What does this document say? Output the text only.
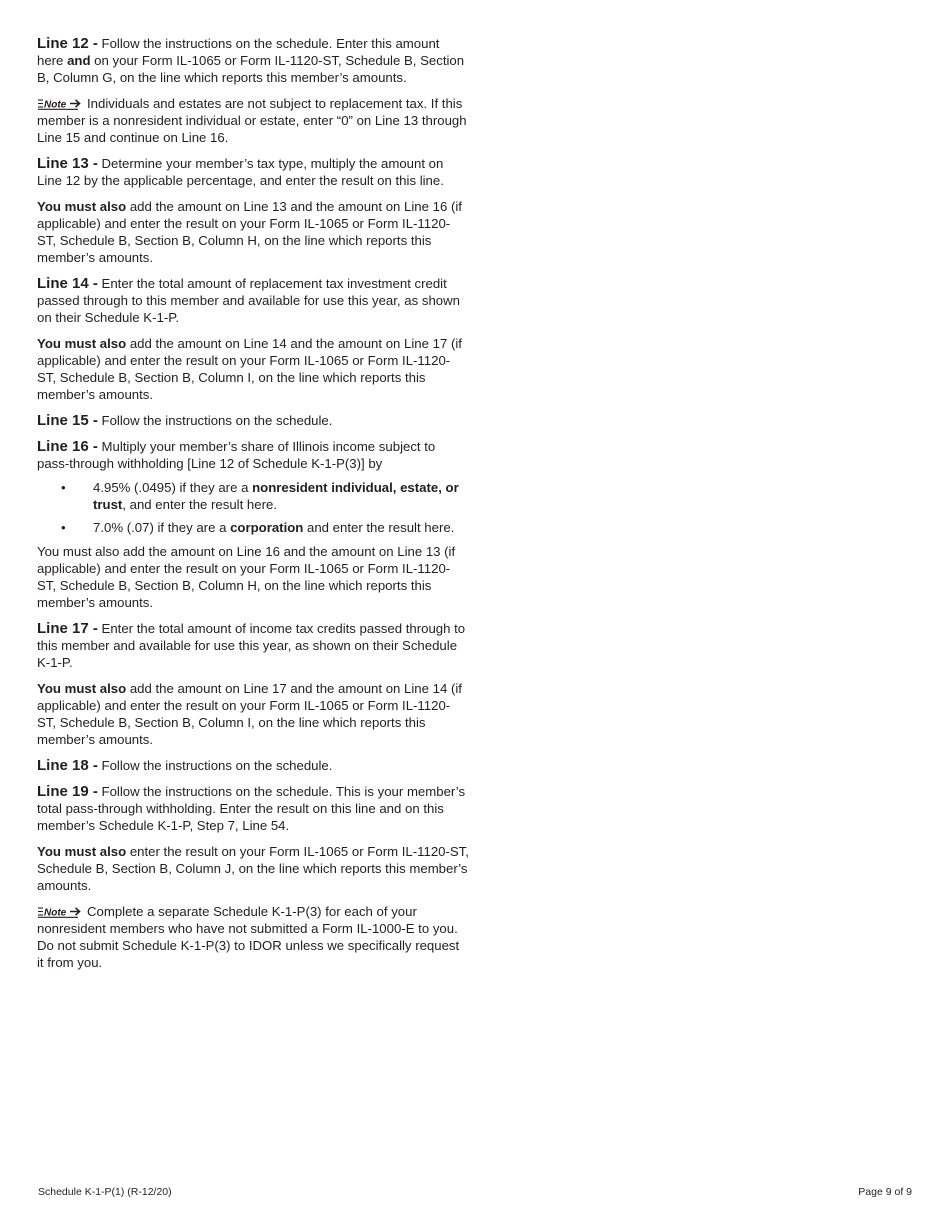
Line 12 - Follow the instructions on the schedule. Enter this amount here and on your Form IL-1065 or Form IL-1120-ST, Schedule B, Section B, Column G, on the line which reports this member’s amounts.

Note Individuals and estates are not subject to replacement tax. If this member is a nonresident individual or estate, enter “0” on Line 13 through Line 15 and continue on Line 16.

Line 13 - Determine your member’s tax type, multiply the amount on Line 12 by the applicable percentage, and enter the result on this line.

You must also add the amount on Line 13 and the amount on Line 16 (if applicable) and enter the result on your Form IL-1065 or Form IL-1120-ST, Schedule B, Section B, Column H, on the line which reports this member’s amounts.

Line 14 - Enter the total amount of replacement tax investment credit passed through to this member and available for use this year, as shown on their Schedule K-1-P.

You must also add the amount on Line 14 and the amount on Line 17 (if applicable) and enter the result on your Form IL-1065 or Form IL-1120-ST, Schedule B, Section B, Column I, on the line which reports this member’s amounts.

Line 15 - Follow the instructions on the schedule.

Line 16 - Multiply your member’s share of Illinois income subject to pass-through withholding [Line 12 of Schedule K-1-P(3)] by

• 4.95% (.0495) if they are a nonresident individual, estate, or trust, and enter the result here.
• 7.0% (.07) if they are a corporation and enter the result here.

You must also add the amount on Line 16 and the amount on Line 13 (if applicable) and enter the result on your Form IL-1065 or Form IL-1120-ST, Schedule B, Section B, Column H, on the line which reports this member’s amounts.

Line 17 - Enter the total amount of income tax credits passed through to this member and available for use this year, as shown on their Schedule K-1-P.

You must also add the amount on Line 17 and the amount on Line 14 (if applicable) and enter the result on your Form IL-1065 or Form IL-1120-ST, Schedule B, Section B, Column I, on the line which reports this member’s amounts.

Line 18 - Follow the instructions on the schedule.

Line 19 - Follow the instructions on the schedule. This is your member’s total pass-through withholding. Enter the result on this line and on this member’s Schedule K-1-P, Step 7, Line 54.

You must also enter the result on your Form IL-1065 or Form IL-1120-ST, Schedule B, Section B, Column J, on the line which reports this member’s amounts.

Note Complete a separate Schedule K-1-P(3) for each of your nonresident members who have not submitted a Form IL-1000-E to you. Do not submit Schedule K-1-P(3) to IDOR unless we specifically request it from you.

Schedule K-1-P(1) (R-12/20)	Page 9 of 9
